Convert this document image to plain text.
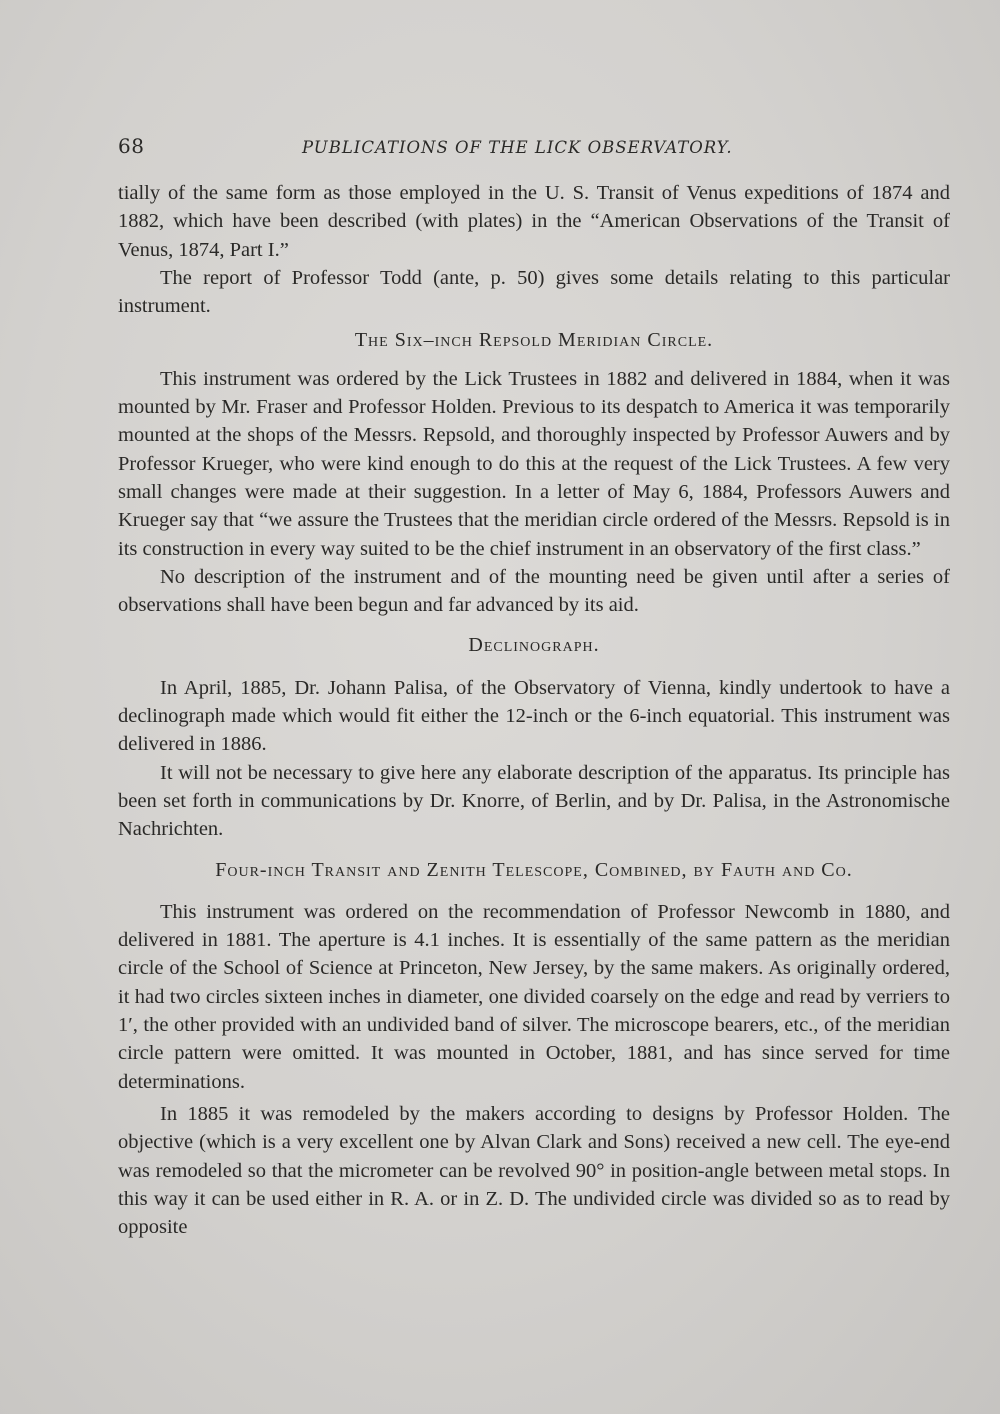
68	PUBLICATIONS OF THE LICK OBSERVATORY.

tially of the same form as those employed in the U. S. Transit of Venus expeditions of 1874 and 1882, which have been described (with plates) in the “American Observations of the Transit of Venus, 1874, Part I.”

The report of Professor Todd (ante, p. 50) gives some details relating to this particular instrument.

The Six–inch Repsold Meridian Circle.

This instrument was ordered by the Lick Trustees in 1882 and delivered in 1884, when it was mounted by Mr. Fraser and Professor Holden. Previous to its despatch to America it was temporarily mounted at the shops of the Messrs. Repsold, and thoroughly inspected by Professor Auwers and by Professor Krueger, who were kind enough to do this at the request of the Lick Trustees. A few very small changes were made at their suggestion. In a letter of May 6, 1884, Professors Auwers and Krueger say that “we assure the Trustees that the meridian circle ordered of the Messrs. Repsold is in its construction in every way suited to be the chief instrument in an observatory of the first class.”

No description of the instrument and of the mounting need be given until after a series of observations shall have been begun and far advanced by its aid.

Declinograph.

In April, 1885, Dr. Johann Palisa, of the Observatory of Vienna, kindly undertook to have a declinograph made which would fit either the 12-inch or the 6-inch equatorial. This instrument was delivered in 1886.

It will not be necessary to give here any elaborate description of the apparatus. Its principle has been set forth in communications by Dr. Knorre, of Berlin, and by Dr. Palisa, in the Astronomische Nachrichten.

Four-inch Transit and Zenith Telescope, Combined, by Fauth and Co.

This instrument was ordered on the recommendation of Professor Newcomb in 1880, and delivered in 1881. The aperture is 4.1 inches. It is essentially of the same pattern as the meridian circle of the School of Science at Princeton, New Jersey, by the same makers. As originally ordered, it had two circles sixteen inches in diameter, one divided coarsely on the edge and read by verriers to 1′, the other provided with an undivided band of silver. The microscope bearers, etc., of the meridian circle pattern were omitted. It was mounted in October, 1881, and has since served for time determinations.

In 1885 it was remodeled by the makers according to designs by Professor Holden. The objective (which is a very excellent one by Alvan Clark and Sons) received a new cell. The eye-end was remodeled so that the micrometer can be revolved 90° in position-angle between metal stops. In this way it can be used either in R. A. or in Z. D. The undivided circle was divided so as to read by opposite
